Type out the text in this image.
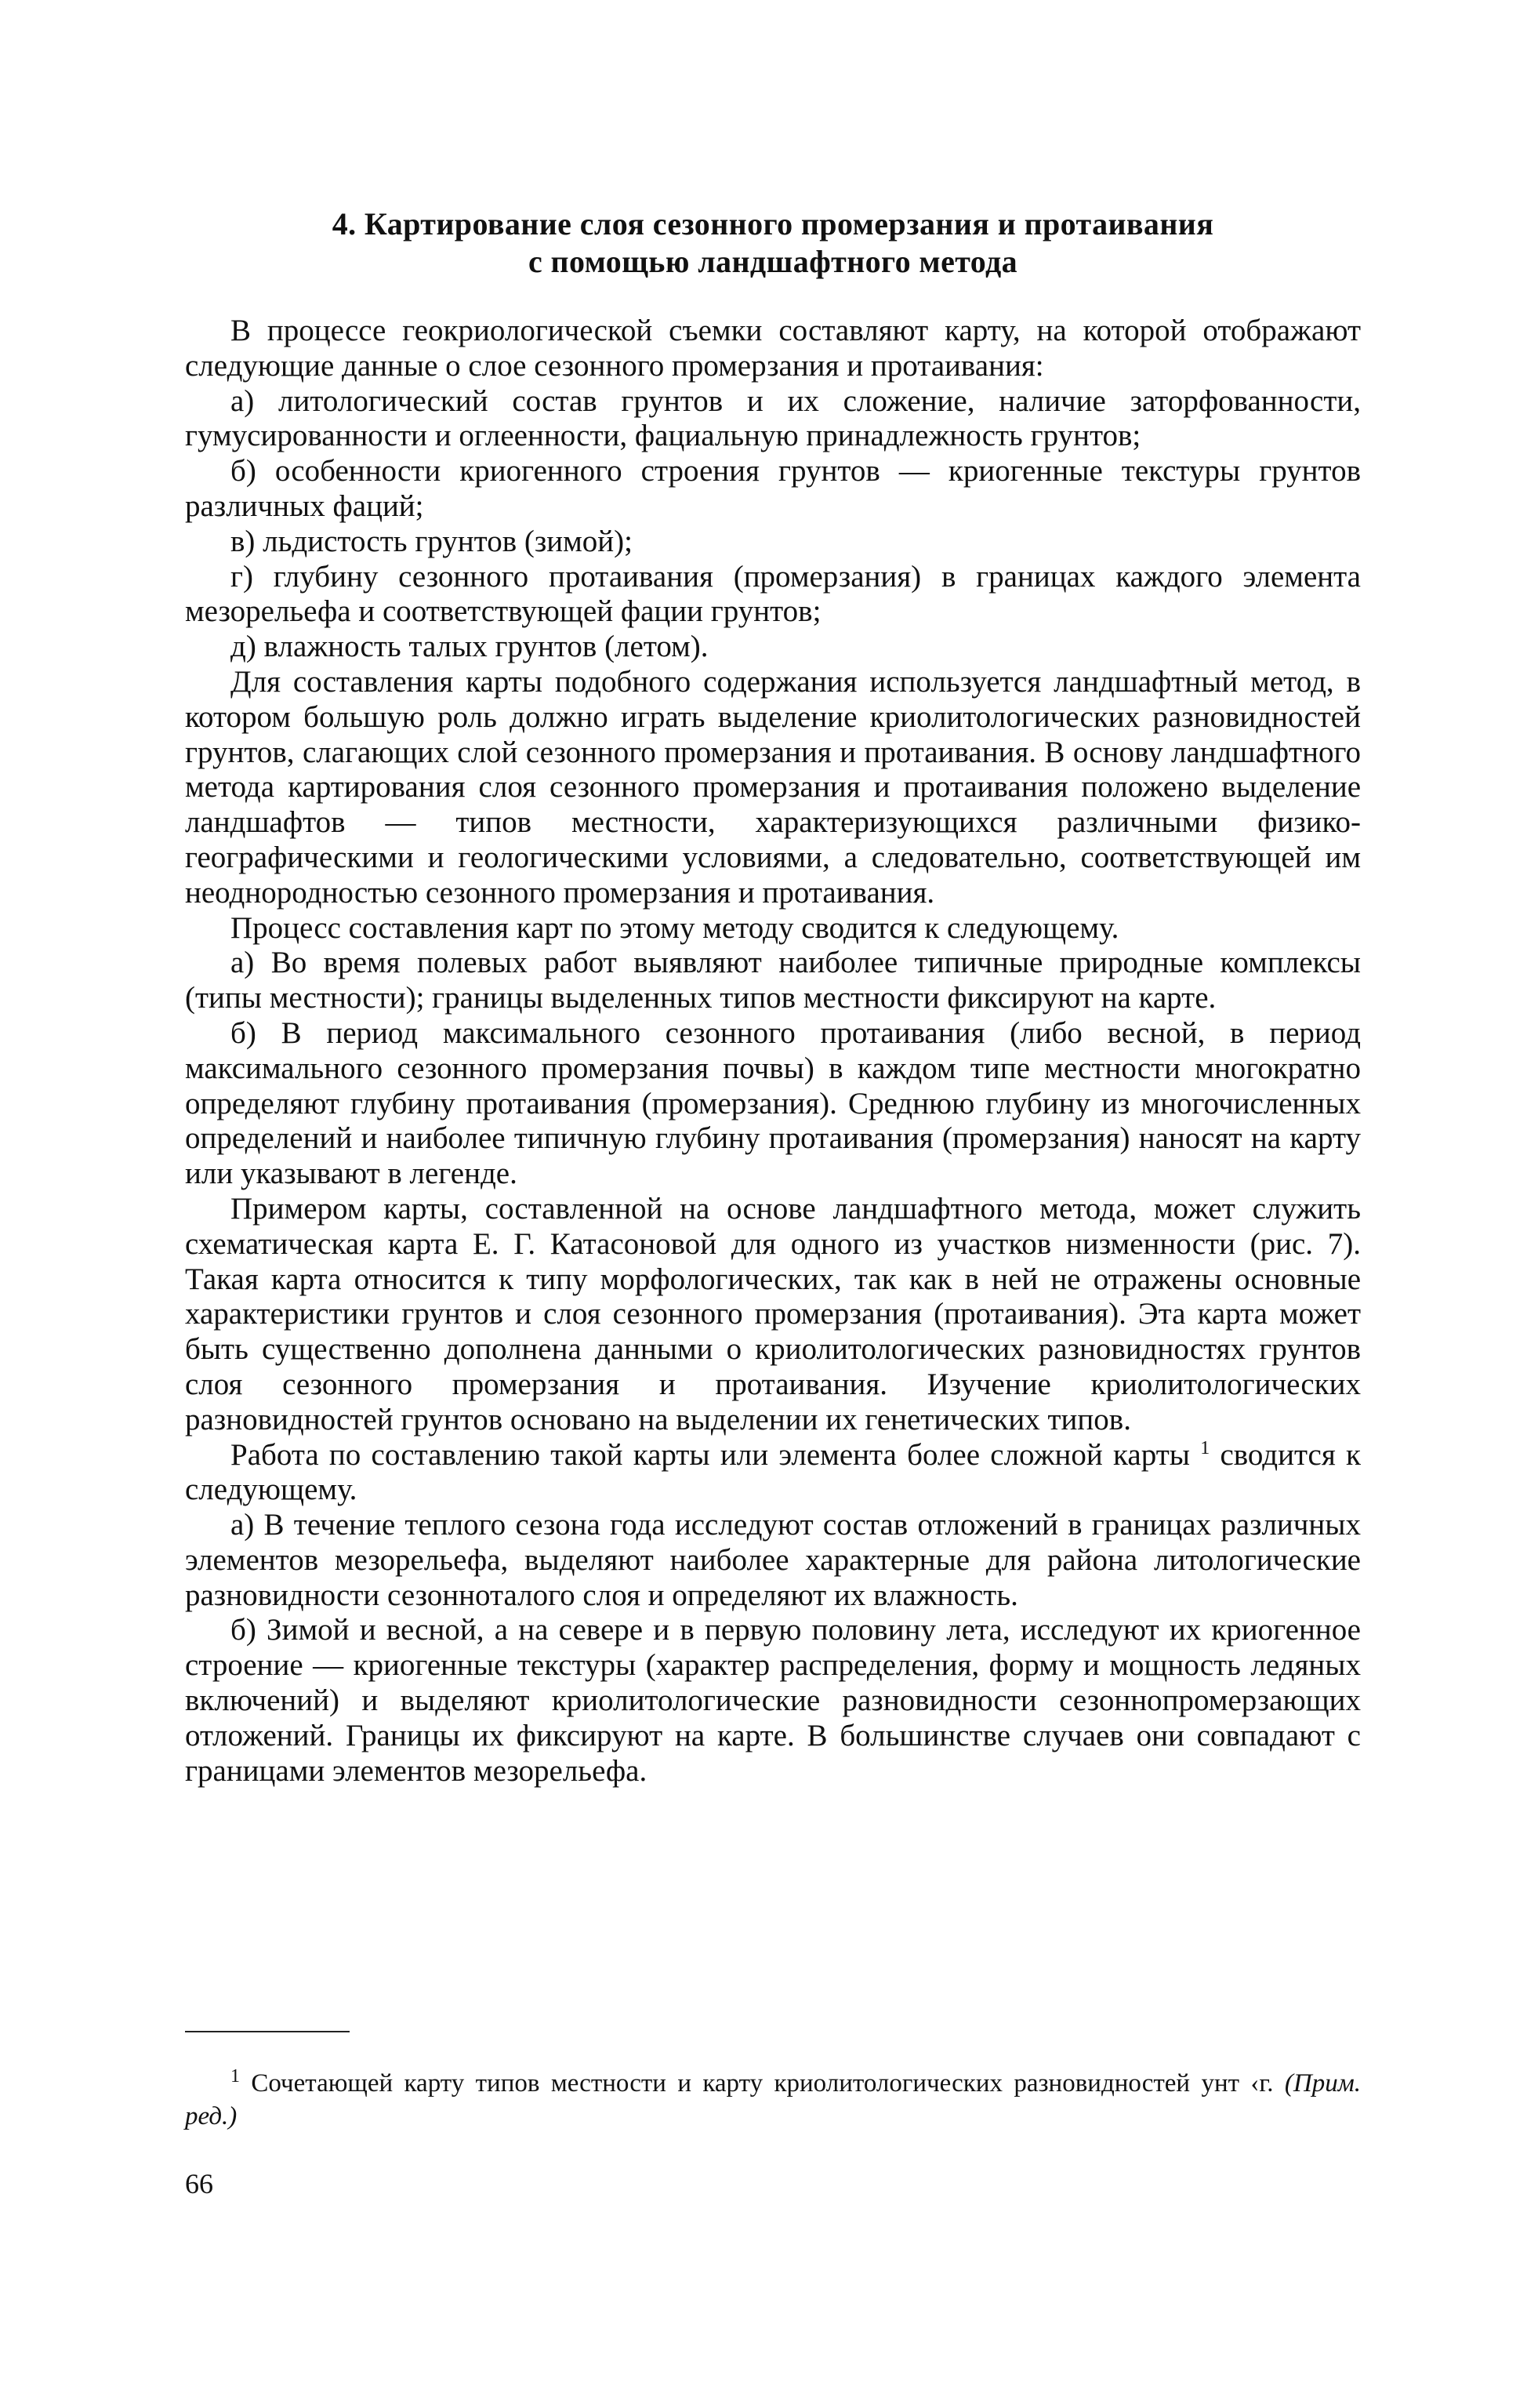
4. Картирование слоя сезонного промерзания и протаивания
с помощью ландшафтного метода

В процессе геокриологической съемки составляют карту, на которой отображают следующие данные о слое сезонного промерзания и протаивания:

а) литологический состав грунтов и их сложение, наличие заторфованности, гумусированности и оглеенности, фациальную принадлежность грунтов;

б) особенности криогенного строения грунтов — криогенные текстуры грунтов различных фаций;

в) льдистость грунтов (зимой);

г) глубину сезонного протаивания (промерзания) в границах каждого элемента мезорельефа и соответствующей фации грунтов;

д) влажность талых грунтов (летом).

Для составления карты подобного содержания используется ландшафтный метод, в котором большую роль должно играть выделение криолитологических разновидностей грунтов, слагающих слой сезонного промерзания и протаивания. В основу ландшафтного метода картирования слоя сезонного промерзания и протаивания положено выделение ландшафтов — типов местности, характеризующихся различными физико-географическими и геологическими условиями, а следовательно, соответствующей им неоднородностью сезонного промерзания и протаивания.

Процесс составления карт по этому методу сводится к следующему.

а) Во время полевых работ выявляют наиболее типичные природные комплексы (типы местности); границы выделенных типов местности фиксируют на карте.

б) В период максимального сезонного протаивания (либо весной, в период максимального сезонного промерзания почвы) в каждом типе местности многократно определяют глубину протаивания (промерзания). Среднюю глубину из многочисленных определений и наиболее типичную глубину протаивания (промерзания) наносят на карту или указывают в легенде.

Примером карты, составленной на основе ландшафтного метода, может служить схематическая карта Е. Г. Катасоновой для одного из участков низменности (рис. 7). Такая карта относится к типу морфологических, так как в ней не отражены основные характеристики грунтов и слоя сезонного промерзания (протаивания). Эта карта может быть существенно дополнена данными о криолитологических разновидностях грунтов слоя сезонного промерзания и протаивания. Изучение криолитологических разновидностей грунтов основано на выделении их генетических типов.

Работа по составлению такой карты или элемента более сложной карты $^1$ сводится к следующему.

а) В течение теплого сезона года исследуют состав отложений в границах различных элементов мезорельефа, выделяют наиболее характерные для района литологические разновидности сезонноталого слоя и определяют их влажность.

б) Зимой и весной, а на севере и в первую половину лета, исследуют их криогенное строение — криогенные текстуры (характер распределения, форму и мощность ледяных включений) и выделяют криолитологические разновидности сезоннопромерзающих отложений. Границы их фиксируют на карте. В большинстве случаев они совпадают с границами элементов мезорельефа.

$^1$ Сочетающей карту типов местности и карту криолитологических разновидностей унт ‹г. (Прим. ред.)
66
